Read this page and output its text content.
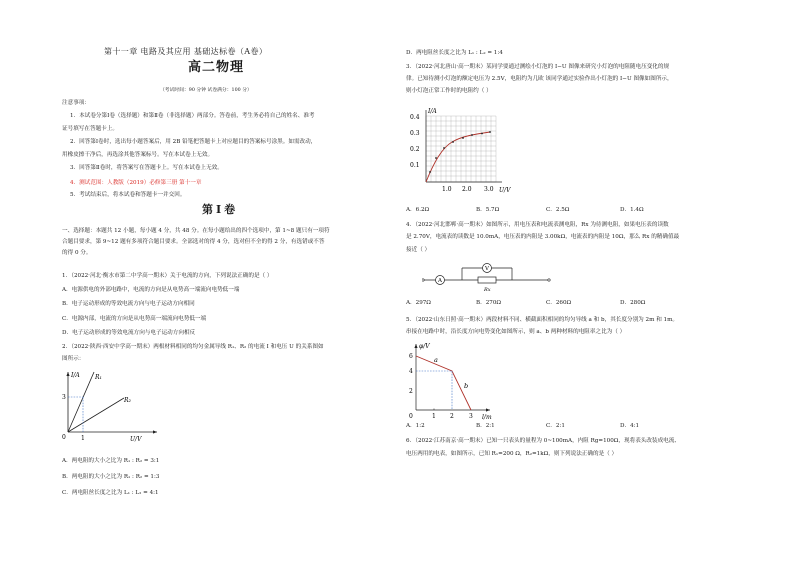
第十一章 电路及其应用 基础达标卷（A卷）
高二物理
（考试时间：90 分钟 试卷满分：100 分）
注意事项：
1．本试卷分第Ⅰ卷（选择题）和第Ⅱ卷（非选择题）两部分。答卷前，考生务必将自己的姓名、准考
证号填写在答题卡上。
2．回答第Ⅰ卷时，选出每小题答案后，用 2B 铅笔把答题卡上对应题目的答案标号涂黑。如需改动，
用橡皮擦干净后，再选涂其他答案标号。写在本试卷上无效。
3．回答第Ⅱ卷时，将答案写在答题卡上。写在本试卷上无效。
4．测试范围：人教版（2019）必修第三册 第十一章
5．考试结束后，将本试卷和答题卡一并交回。
第Ⅰ卷
一、选择题：本题共 12 小题，每小题 4 分，共 48 分。在每小题给出的四个选项中，第 1~8 题只有一项符
合题目要求，第 9~12 题有多项符合题目要求。全部选对的得 4 分，选对但不全的得 2 分，有选错或不答
的得 0 分。
1．（2022·河北·衡水市第二中学高一期末）关于电流的方向，下列说法正确的是（ ）
A．电源供电的外部电路中，电流的方向是从电势高一端流向电势低一端
B．电子运动形成的等效电流方向与电子运动方向相同
C．电源内部，电流的方向是从电势高一端流向电势低一端
D．电子运动形成的等效电流方向与电子运动方向相反
2．（2022·陕西·西安中学高一期末）两根材料相同的均匀金属导线 R₁、R₂ 的电流 I 和电压 U 的关系图如
图所示：
I/A
U/V
0
3
1
R₁
R₂
A．两电阻的大小之比为 R₁ : R₂ = 3:1
B．两电阻的大小之比为 R₁ : R₂ = 1:3
C．两电阻丝长度之比为 L₁ : L₂ = 4:1
D．两电阻丝长度之比为 L₁ : L₂ = 1:4
3．（2022·河北唐山·高一期末）某同学要通过测绘小灯泡的 I−U 图像来研究小灯泡的电阻随电压变化的规
律。已知待测小灯泡的额定电压为 2.5V，电阻约为几欧 该同学通过实验作出小灯泡的 I−U 图像如图所示，
则小灯泡正常工作时的电阻约（ ）
I/A
U/V
0.4
0.3
0.2
0.1
1.0 2.0 3.0
A．6.2Ω	B．5.7Ω	C．2.5Ω	D．1.4Ω
4．（2022·河北邯郸·高一期末）如图所示，用电压表和电流表测电阻，Rx 为待测电阻，如果电压表的读数
是 2.70V，电流表的读数是 10.0mA，电压表的内阻是 3.00kΩ，电流表的内阻是 10Ω，那么 Rx 的精确值最
接近（ ）
A
V
Rx
A．297Ω	B．270Ω	C．260Ω	D．280Ω
5．（2022·山东日照·高一期末）两段材料不同、横截面积相同的均匀导线 a 和 b，其长度分别为 2m 和 1m。
串接在电路中时，沿长度方向电势变化如图所示，则 a、b 两种材料的电阻率之比为（ ）
φ/V
l/m
6
4
2
0	1 2	3
a
b
A．1:2	B．2:1	C．2:1	D．4:1
6．（2022·江苏南京·高一期末）已知一只表头的量程为 0~100mA，内阻 Rg=100Ω，现将表头改装成电流、
电压两用的电表，如图所示，已知 R₁=200 Ω，R₂=1kΩ，则下列说法正确的是（ ）
